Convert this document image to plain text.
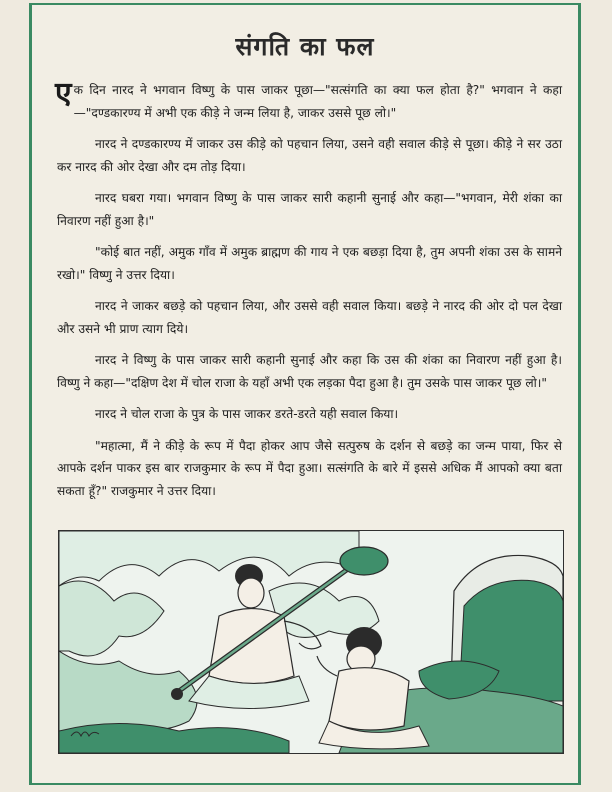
संगति का फल

एक दिन नारद ने भगवान विष्णु के पास जाकर पूछा—"सत्संगति का क्या फल होता है?" भगवान ने कहा—"दण्डकारण्य में अभी एक कीड़े ने जन्म लिया है, जाकर उससे पूछ लो।"

नारद ने दण्डकारण्य में जाकर उस कीड़े को पहचान लिया, उसने वही सवाल कीड़े से पूछा। कीड़े ने सर उठा कर नारद की ओर देखा और दम तोड़ दिया।

नारद घबरा गया। भगवान विष्णु के पास जाकर सारी कहानी सुनाई और कहा—"भगवान, मेरी शंका का निवारण नहीं हुआ है।"

"कोई बात नहीं, अमुक गाँव में अमुक ब्राह्मण की गाय ने एक बछड़ा दिया है, तुम अपनी शंका उस के सामने रखो।" विष्णु ने उत्तर दिया।

नारद ने जाकर बछड़े को पहचान लिया, और उससे वही सवाल किया। बछड़े ने नारद की ओर दो पल देखा और उसने भी प्राण त्याग दिये।

नारद ने विष्णु के पास जाकर सारी कहानी सुनाई और कहा कि उस की शंका का निवारण नहीं हुआ है। विष्णु ने कहा—"दक्षिण देश में चोल राजा के यहाँ अभी एक लड़का पैदा हुआ है। तुम उसके पास जाकर पूछ लो।"

नारद ने चोल राजा के पुत्र के पास जाकर डरते-डरते यही सवाल किया।

"महात्मा, मैं ने कीड़े के रूप में पैदा होकर आप जैसे सत्पुरुष के दर्शन से बछड़े का जन्म पाया, फिर से आपके दर्शन पाकर इस बार राजकुमार के रूप में पैदा हुआ। सत्संगति के बारे में इससे अधिक मैं आपको क्या बता सकता हूँ?" राजकुमार ने उत्तर दिया।
